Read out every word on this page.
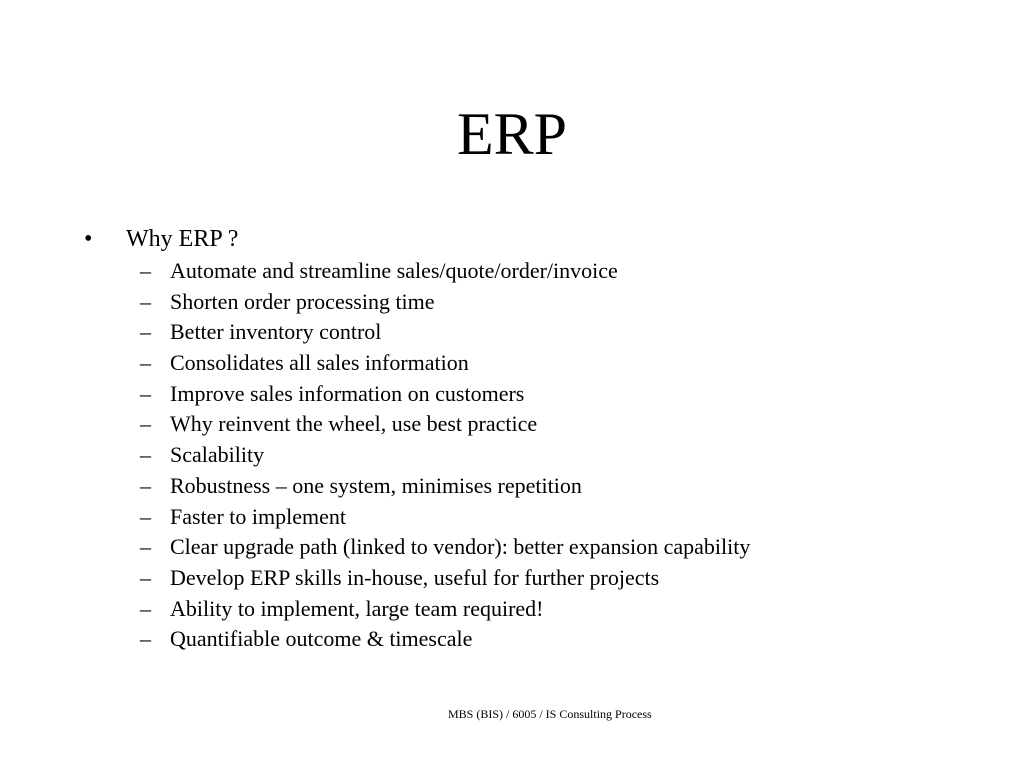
ERP
•	Why ERP ?
– Automate and streamline sales/quote/order/invoice
– Shorten order processing time
– Better inventory control
– Consolidates all sales information
– Improve sales information on customers
– Why reinvent the wheel, use best practice
– Scalability
– Robustness – one system, minimises repetition
– Faster to implement
– Clear upgrade path (linked to vendor): better expansion capability
– Develop ERP skills in-house, useful for further projects
– Ability to implement, large team required!
– Quantifiable outcome & timescale
MBS (BIS) / 6005 / IS Consulting Process
